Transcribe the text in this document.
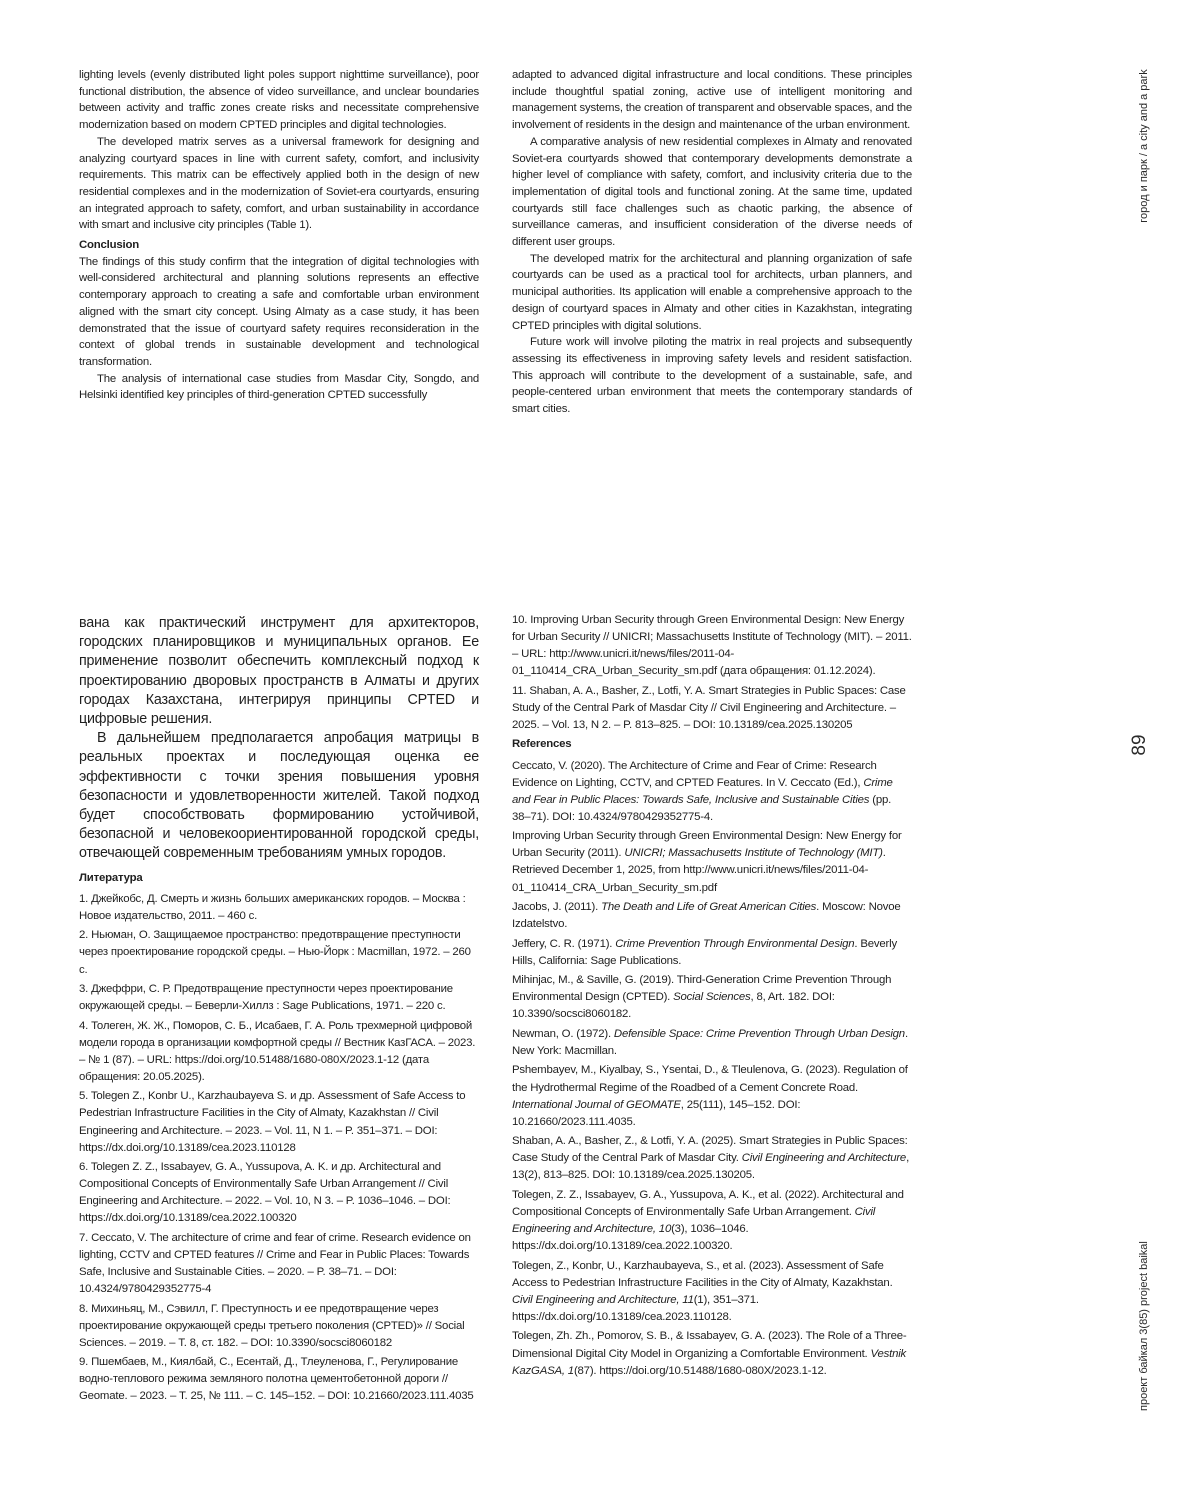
lighting levels (evenly distributed light poles support nighttime surveillance), poor functional distribution, the absence of video surveillance, and unclear boundaries between activity and traffic zones create risks and necessitate comprehensive modernization based on modern CPTED principles and digital technologies.

The developed matrix serves as a universal framework for designing and analyzing courtyard spaces in line with current safety, comfort, and inclusivity requirements. This matrix can be effectively applied both in the design of new residential complexes and in the modernization of Soviet-era courtyards, ensuring an integrated approach to safety, comfort, and urban sustainability in accordance with smart and inclusive city principles (Table 1).

Conclusion

The findings of this study confirm that the integration of digital technologies with well-considered architectural and planning solutions represents an effective contemporary approach to creating a safe and comfortable urban environment aligned with the smart city concept. Using Almaty as a case study, it has been demonstrated that the issue of courtyard safety requires reconsideration in the context of global trends in sustainable development and technological transformation.

The analysis of international case studies from Masdar City, Songdo, and Helsinki identified key principles of third-generation CPTED successfully

adapted to advanced digital infrastructure and local conditions. These principles include thoughtful spatial zoning, active use of intelligent monitoring and management systems, the creation of transparent and observable spaces, and the involvement of residents in the design and maintenance of the urban environment.

A comparative analysis of new residential complexes in Almaty and renovated Soviet-era courtyards showed that contemporary developments demonstrate a higher level of compliance with safety, comfort, and inclusivity criteria due to the implementation of digital tools and functional zoning. At the same time, updated courtyards still face challenges such as chaotic parking, the absence of surveillance cameras, and insufficient consideration of the diverse needs of different user groups.

The developed matrix for the architectural and planning organization of safe courtyards can be used as a practical tool for architects, urban planners, and municipal authorities. Its application will enable a comprehensive approach to the design of courtyard spaces in Almaty and other cities in Kazakhstan, integrating CPTED principles with digital solutions.

Future work will involve piloting the matrix in real projects and subsequently assessing its effectiveness in improving safety levels and resident satisfaction. This approach will contribute to the development of a sustainable, safe, and people-centered urban environment that meets the contemporary standards of smart cities.

вана как практический инструмент для архитекторов, городских планировщиков и муниципальных органов. Ее применение позволит обеспечить комплексный подход к проектированию дворовых пространств в Алматы и других городах Казахстана, интегрируя принципы CPTED и цифровые решения.

В дальнейшем предполагается апробация матрицы в реальных проектах и последующая оценка ее эффективности с точки зрения повышения уровня безопасности и удовлетворенности жителей. Такой подход будет способствовать формированию устойчивой, безопасной и человекоориентированной городской среды, отвечающей современным требованиям умных городов.

Литература

1. Джейкобс, Д. Смерть и жизнь больших американских городов. – Москва : Новое издательство, 2011. – 460 с.

2. Ньюман, О. Защищаемое пространство: предотвращение преступности через проектирование городской среды. – Нью-Йорк : Macmillan, 1972. – 260 с.

3. Джеффри, С. Р. Предотвращение преступности через проектирование окружающей среды. – Беверли-Хиллз : Sage Publications, 1971. – 220 с.

4. Толеген, Ж. Ж., Поморов, С. Б., Исабаев, Г. А. Роль трехмерной цифровой модели города в организации комфортной среды // Вестник КазГАСА. – 2023. – № 1 (87). – URL: https://doi.org/10.51488/1680-080X/2023.1-12 (дата обращения: 20.05.2025).

5. Tolegen Z., Konbr U., Karzhaubayeva S. и др. Assessment of Safe Access to Pedestrian Infrastructure Facilities in the City of Almaty, Kazakhstan // Civil Engineering and Architecture. – 2023. – Vol. 11, N 1. – P. 351–371. – DOI: https://dx.doi.org/10.13189/cea.2023.110128

6. Tolegen Z. Z., Issabayev, G. A., Yussupova, A. K. и др. Architectural and Compositional Concepts of Environmentally Safe Urban Arrangement // Civil Engineering and Architecture. – 2022. – Vol. 10, N 3. – P. 1036–1046. – DOI: https://dx.doi.org/10.13189/cea.2022.100320

7. Ceccato, V. The architecture of crime and fear of crime. Research evidence on lighting, CCTV and CPTED features // Crime and Fear in Public Places: Towards Safe, Inclusive and Sustainable Cities. – 2020. – P. 38–71. – DOI: 10.4324/9780429352775-4

8. Михиньяц, М., Сэвилл, Г. Преступность и ее предотвращение через проектирование окружающей среды третьего поколения (CPTED)» // Social Sciences. – 2019. – Т. 8, ст. 182. – DOI: 10.3390/socsci8060182

9. Пшембаев, М., Киялбай, С., Есентай, Д., Тлеуленова, Г., Регулирование водно-теплового режима земляного полотна цементобетонной дороги // Geomate. – 2023. – Т. 25, № 111. – С. 145–152. – DOI: 10.21660/2023.111.4035

10. Improving Urban Security through Green Environmental Design: New Energy for Urban Security // UNICRI; Massachusetts Institute of Technology (MIT). – 2011. – URL: http://www.unicri.it/news/files/2011-04-01_110414_CRA_Urban_Security_sm.pdf (дата обращения: 01.12.2024).

11. Shaban, A. A., Basher, Z., Lotfi, Y. A. Smart Strategies in Public Spaces: Case Study of the Central Park of Masdar City // Civil Engineering and Architecture. – 2025. – Vol. 13, N 2. – P. 813–825. – DOI: 10.13189/cea.2025.130205

References

Ceccato, V. (2020). The Architecture of Crime and Fear of Crime: Research Evidence on Lighting, CCTV, and CPTED Features. In V. Ceccato (Ed.), Crime and Fear in Public Places: Towards Safe, Inclusive and Sustainable Cities (pp. 38–71). DOI: 10.4324/9780429352775-4.

Improving Urban Security through Green Environmental Design: New Energy for Urban Security (2011). UNICRI; Massachusetts Institute of Technology (MIT). Retrieved December 1, 2025, from http://www.unicri.it/news/files/2011-04-01_110414_CRA_Urban_Security_sm.pdf

Jacobs, J. (2011). The Death and Life of Great American Cities. Moscow: Novoe Izdatelstvo.

Jeffery, C. R. (1971). Crime Prevention Through Environmental Design. Beverly Hills, California: Sage Publications.

Mihinjac, M., & Saville, G. (2019). Third-Generation Crime Prevention Through Environmental Design (CPTED). Social Sciences, 8, Art. 182. DOI: 10.3390/socsci8060182.

Newman, O. (1972). Defensible Space: Crime Prevention Through Urban Design. New York: Macmillan.

Pshembayev, M., Kiyalbay, S., Ysentai, D., & Tleulenova, G. (2023). Regulation of the Hydrothermal Regime of the Roadbed of a Cement Concrete Road. International Journal of GEOMATE, 25(111), 145–152. DOI: 10.21660/2023.111.4035.

Shaban, A. A., Basher, Z., & Lotfi, Y. A. (2025). Smart Strategies in Public Spaces: Case Study of the Central Park of Masdar City. Civil Engineering and Architecture, 13(2), 813–825. DOI: 10.13189/cea.2025.130205.

Tolegen, Z. Z., Issabayev, G. A., Yussupova, A. K., et al. (2022). Architectural and Compositional Concepts of Environmentally Safe Urban Arrangement. Civil Engineering and Architecture, 10(3), 1036–1046. https://dx.doi.org/10.13189/cea.2022.100320.

Tolegen, Z., Konbr, U., Karzhaubayeva, S., et al. (2023). Assessment of Safe Access to Pedestrian Infrastructure Facilities in the City of Almaty, Kazakhstan. Civil Engineering and Architecture, 11(1), 351–371. https://dx.doi.org/10.13189/cea.2023.110128.

Tolegen, Zh. Zh., Pomorov, S. B., & Issabayev, G. A. (2023). The Role of a Three-Dimensional Digital City Model in Organizing a Comfortable Environment. Vestnik KazGASA, 1(87). https://doi.org/10.51488/1680-080X/2023.1-12.

город и парк / a city and a park
89
проект байкал 3(85) project baikal
